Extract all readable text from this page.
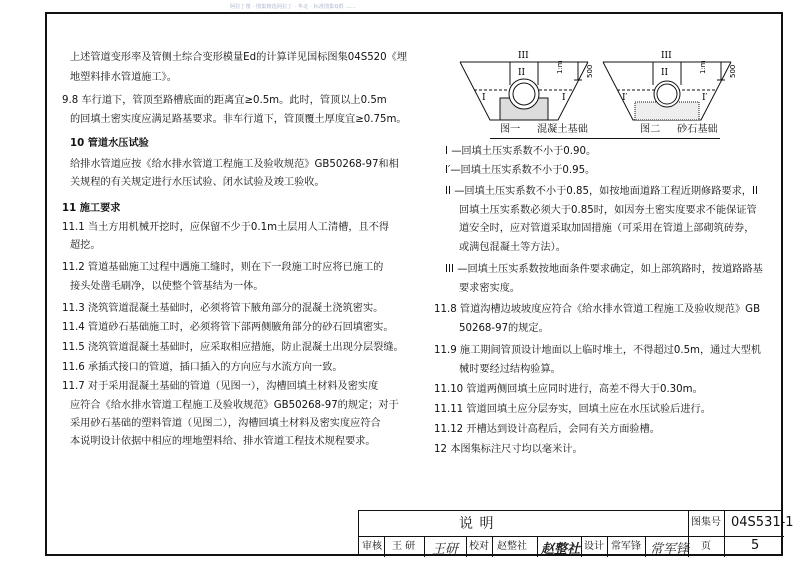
阿拉丁图 · 图集精选阿拉丁 · 华北 · 标准图集Q群 ……
上述管道变形率及管侧土综合变形模量Ed的计算详见国标图集04S520《埋
地塑料排水管道施工》。
9.8 车行道下，管顶至路槽底面的距离宜≥0.5m。此时，管顶以上0.5m
的回填土密实度应满足路基要求。非车行道下，管顶覆土厚度宜≥0.75m。
10 管道水压试验
给排水管道应按《给水排水管道工程施工及验收规范》GB50268-97和相
关规程的有关规定进行水压试验、闭水试验及竣工验收。
11 施工要求
11.1 当土方用机械开挖时，应保留不少于0.1m土层用人工清槽，且不得
超挖。
11.2 管道基础施工过程中遇施工缝时，则在下一段施工时应将已施工的
接头处凿毛刷净，以使整个管基结为一体。
11.3 浇筑管道混凝土基础时，必须将管下腋角部分的混凝土浇筑密实。
11.4 管道砂石基础施工时，必须将管下部两侧腋角部分的砂石回填密实。
11.5 浇筑管道混凝土基础时，应采取相应措施，防止混凝土出现分层裂缝。
11.6 承插式接口的管道，插口插入的方向应与水流方向一致。
11.7 对于采用混凝土基础的管道（见图一），沟槽回填土材料及密实度
应符合《给水排水管道工程施工及验收规范》GB50268-97的规定；对于
采用砂石基础的塑料管道（见图二），沟槽回填土材料及密实度应符合
本说明设计依据中相应的埋地塑料给、排水管道工程技术规程要求。
III
II
I	I
1:m	500
III
II
I′	I′
1:m	500
图一 混凝土基础	图二 砂石基础
I —回填土压实系数不小于0.90。
I′—回填土压实系数不小于0.95。
II —回填土压实系数不小于0.85，如按地面道路工程近期修路要求，II
回填土压实系数必须大于0.85时，如因夯土密实度要求不能保证管
道安全时，应对管道采取加固措施（可采用在管道上部砌筑砖券，
或满包混凝土等方法）。
III —回填土压实系数按地面条件要求确定，如上部筑路时，按道路路基
要求密实度。
11.8 管道沟槽边坡坡度应符合《给水排水管道工程施工及验收规范》GB
50268-97的规定。
11.9 施工期间管顶设计地面以上临时堆土，不得超过0.5m，通过大型机
械时要经过结构验算。
11.10 管道两侧回填土应同时进行，高差不得大于0.30m。
11.11 管道回填土应分层夯实，回填土应在水压试验后进行。
11.12 开槽达到设计高程后，会同有关方面验槽。
12 本图集标注尺寸均以毫米计。
说 明	图集号 04S531-1
审核 王 研 王研 校对 赵整社 赵整社 设计 常军锋 常军锋 页	5
